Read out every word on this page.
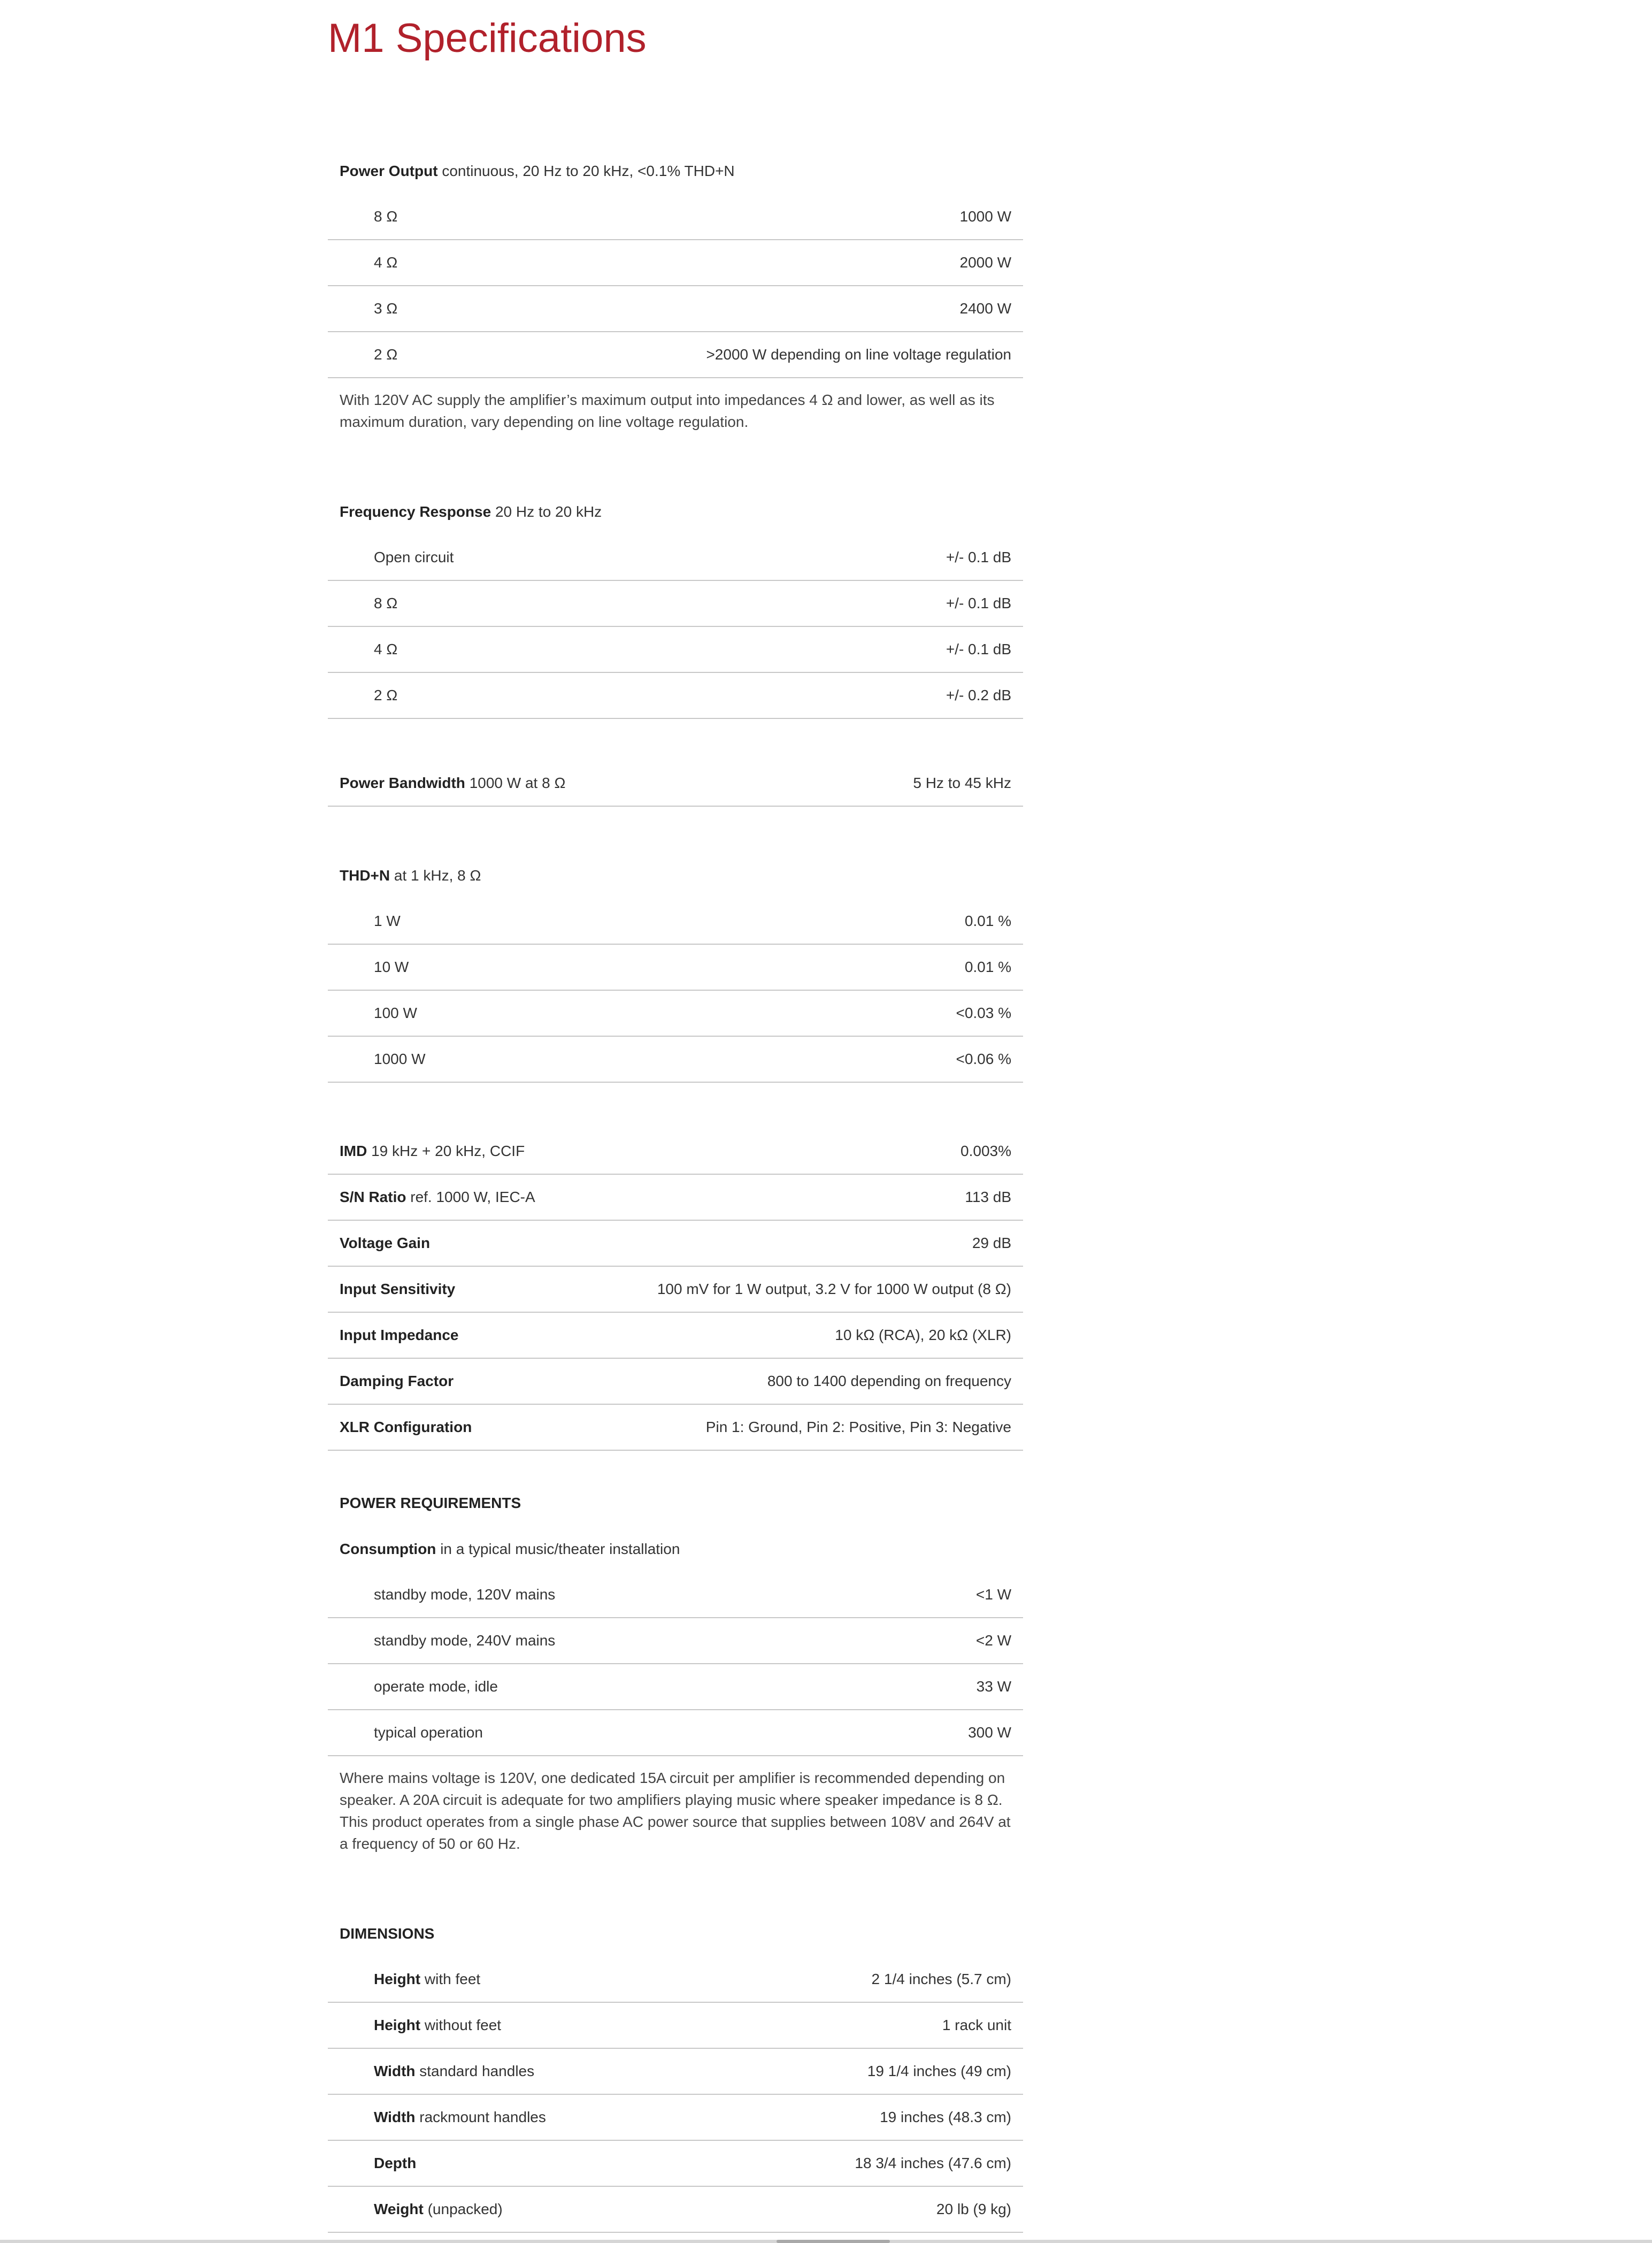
M1 Specifications
Power Output continuous, 20 Hz to 20 kHz, <0.1% THD+N
8 Ω	1000 W
4 Ω	2000 W
3 Ω	2400 W
2 Ω	>2000 W depending on line voltage regulation
With 120V AC supply the amplifier’s maximum output into impedances 4 Ω and lower, as well as its maximum duration, vary depending on line voltage regulation.
Frequency Response 20 Hz to 20 kHz
Open circuit	+/- 0.1 dB
8 Ω	+/- 0.1 dB
4 Ω	+/- 0.1 dB
2 Ω	+/- 0.2 dB
Power Bandwidth 1000 W at 8 Ω	5 Hz to 45 kHz
THD+N at 1 kHz, 8 Ω
1 W	0.01 %
10 W	0.01 %
100 W	<0.03 %
1000 W	<0.06 %
IMD 19 kHz + 20 kHz, CCIF	0.003%
S/N Ratio ref. 1000 W, IEC-A	113 dB
Voltage Gain	29 dB
Input Sensitivity	100 mV for 1 W output, 3.2 V for 1000 W output (8 Ω)
Input Impedance	10 kΩ (RCA), 20 kΩ (XLR)
Damping Factor	800 to 1400 depending on frequency
XLR Configuration	Pin 1: Ground, Pin 2: Positive, Pin 3: Negative
POWER REQUIREMENTS
Consumption in a typical music/theater installation
standby mode, 120V mains	<1 W
standby mode, 240V mains	<2 W
operate mode, idle	33 W
typical operation	300 W
Where mains voltage is 120V, one dedicated 15A circuit per amplifier is recommended depending on speaker. A 20A circuit is adequate for two amplifiers playing music where speaker impedance is 8 Ω. This product operates from a single phase AC power source that supplies between 108V and 264V at a frequency of 50 or 60 Hz.
DIMENSIONS
Height with feet	2 1/4 inches (5.7 cm)
Height without feet	1 rack unit
Width standard handles	19 1/4 inches (49 cm)
Width rackmount handles	19 inches (48.3 cm)
Depth	18 3/4 inches (47.6 cm)
Weight (unpacked)	20 lb (9 kg)
